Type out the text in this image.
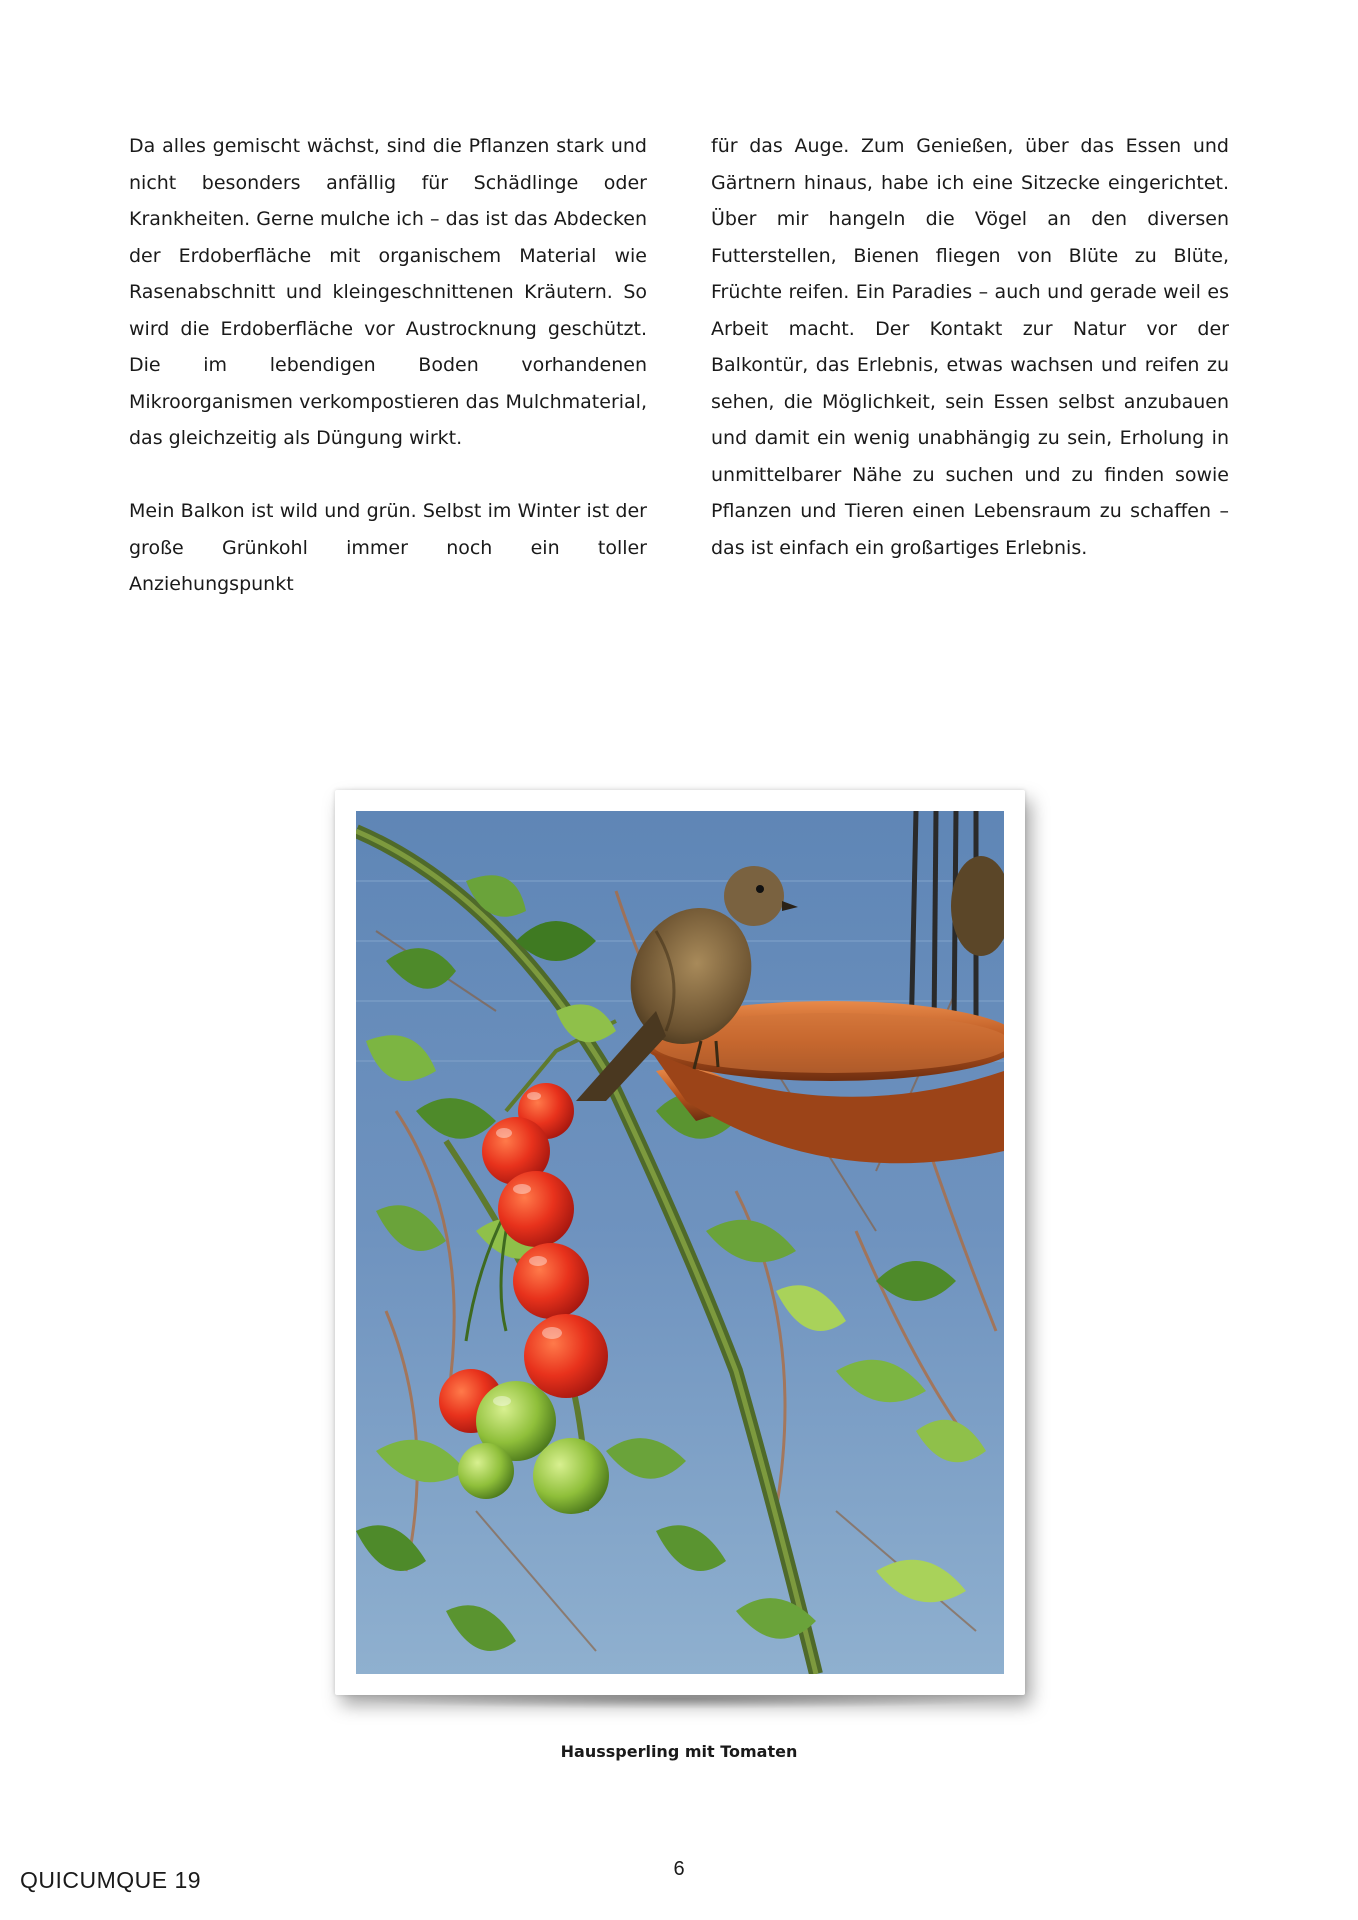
Da alles gemischt wächst, sind die Pflanzen stark und nicht besonders anfällig für Schädlinge oder Krankheiten. Gerne mulche ich – das ist das Abdecken der Erdoberfläche mit organischem Material wie Rasenabschnitt und kleingeschnittenen Kräutern. So wird die Erdoberfläche vor Austrocknung geschützt. Die im lebendigen Boden vorhandenen Mikroorganismen verkompostieren das Mulchmaterial, das gleichzeitig als Düngung wirkt.

Mein Balkon ist wild und grün. Selbst im Winter ist der große Grünkohl immer noch ein toller Anziehungspunkt

für das Auge. Zum Genießen, über das Essen und Gärtnern hinaus, habe ich eine Sitzecke eingerichtet. Über mir hangeln die Vögel an den diversen Futterstellen, Bienen fliegen von Blüte zu Blüte, Früchte reifen. Ein Paradies – auch und gerade weil es Arbeit macht. Der Kontakt zur Natur vor der Balkontür, das Erlebnis, etwas wachsen und reifen zu sehen, die Möglichkeit, sein Essen selbst anzubauen und damit ein wenig unabhängig zu sein, Erholung in unmittelbarer Nähe zu suchen und zu finden sowie Pflanzen und Tieren einen Lebensraum zu schaffen – das ist einfach ein großartiges Erlebnis.

Haussperling mit Tomaten
QUICUMQUE 19	6
